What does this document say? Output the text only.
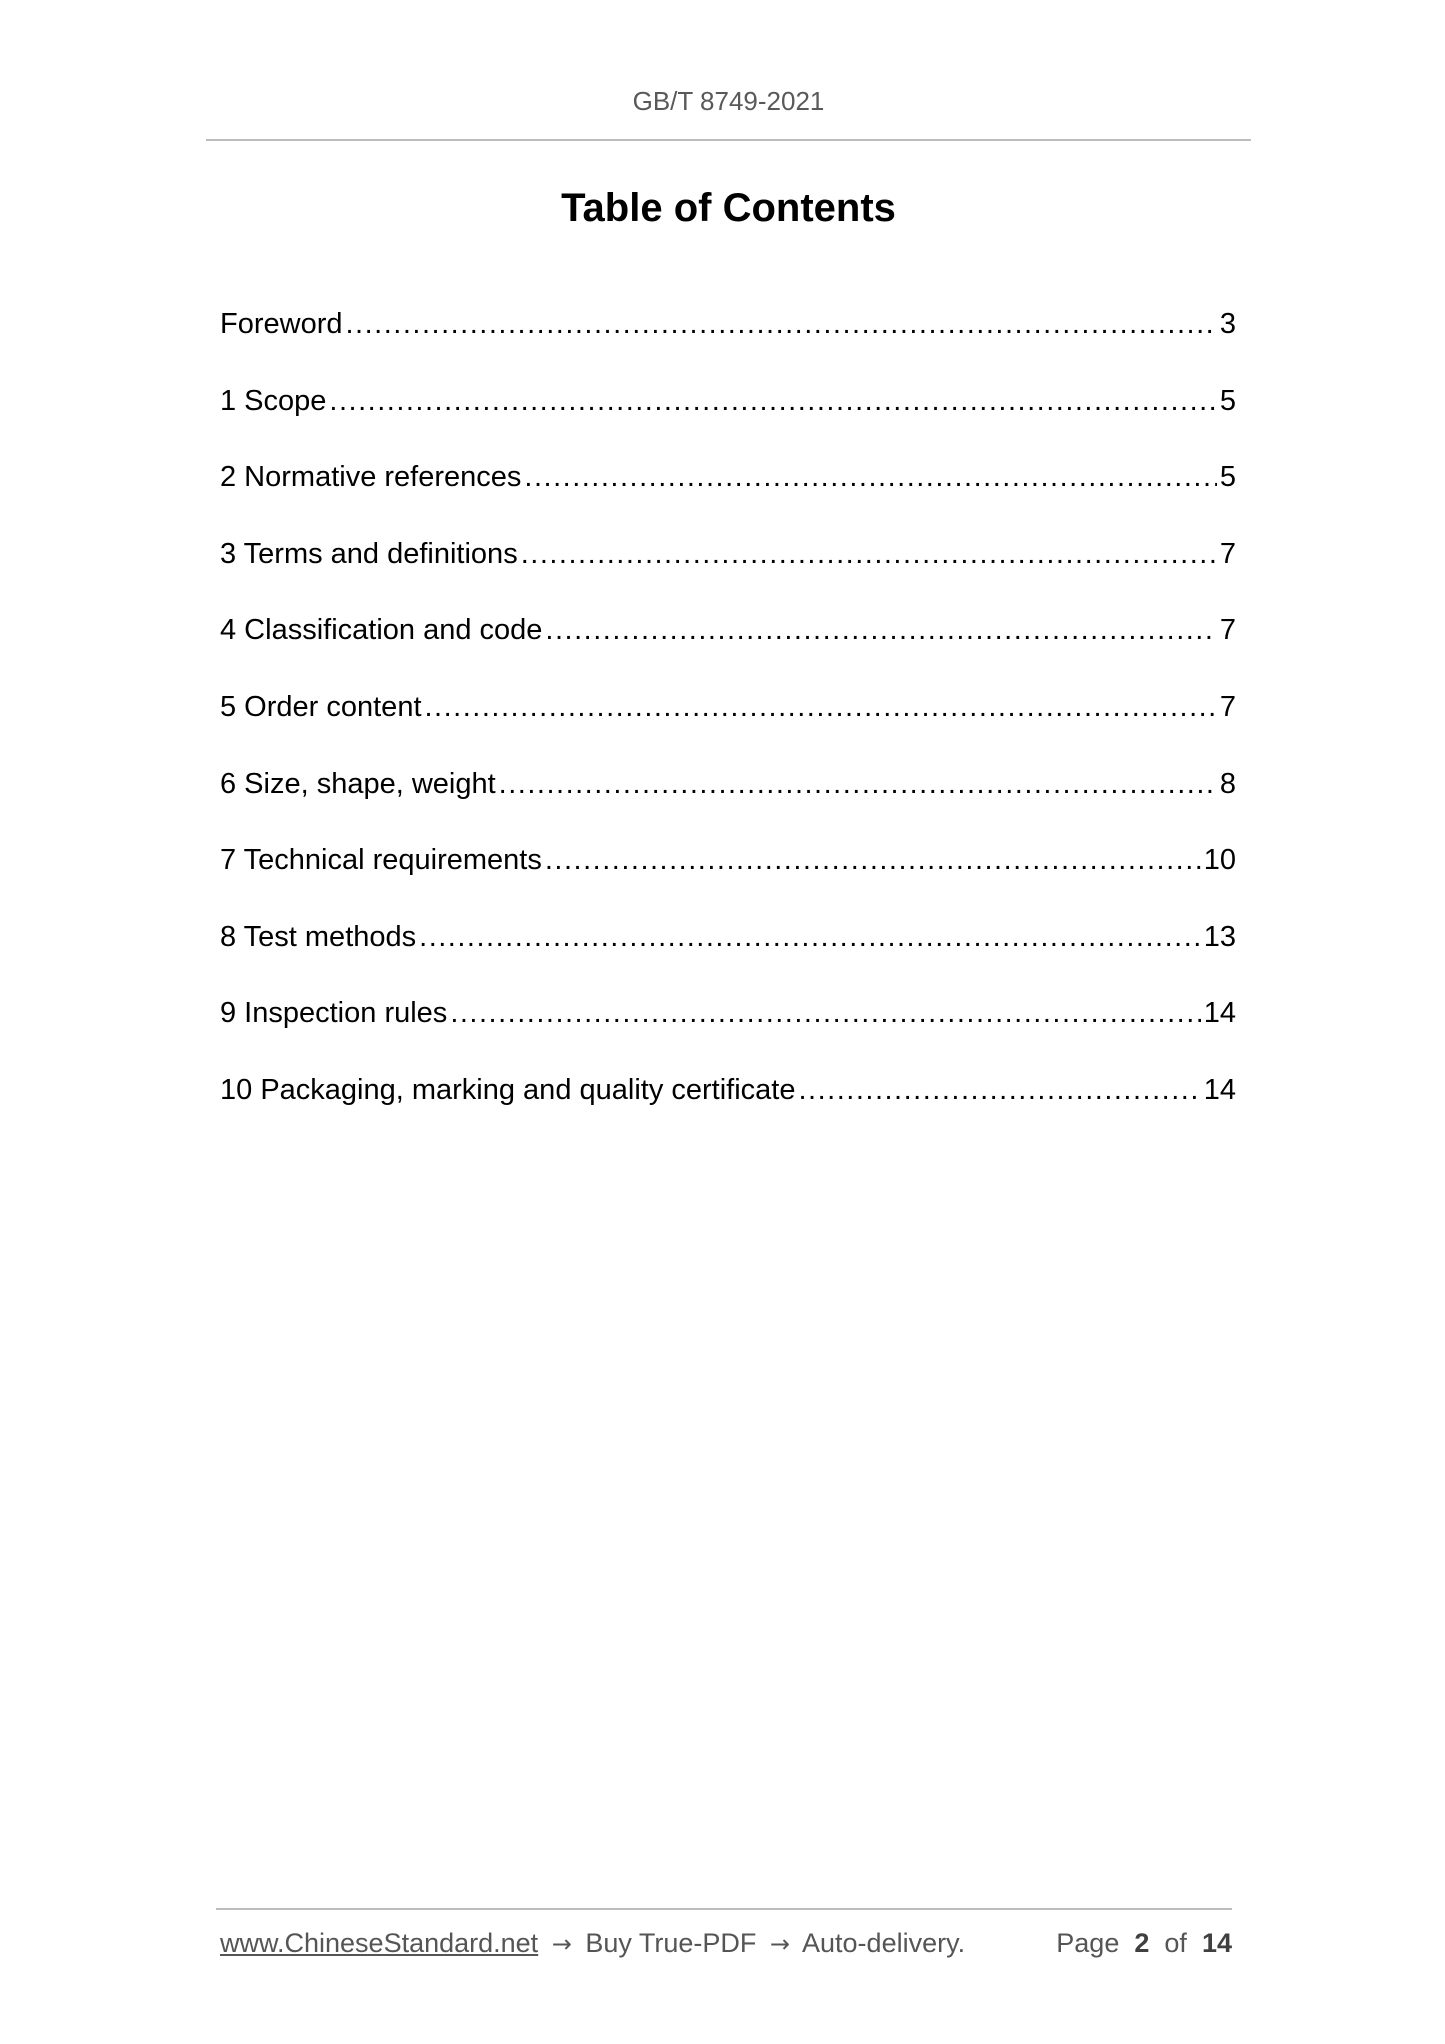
GB/T 8749-2021
Table of Contents
Foreword .....	3
1 Scope .....	5
2 Normative references .....	5
3 Terms and definitions .....	7
4 Classification and code .....	7
5 Order content .....	7
6 Size, shape, weight .....	8
7 Technical requirements .....	10
8 Test methods .....	13
9 Inspection rules .....	14
10 Packaging, marking and quality certificate .....	14
www.ChineseStandard.net → Buy True-PDF → Auto-delivery.	Page 2 of 14
